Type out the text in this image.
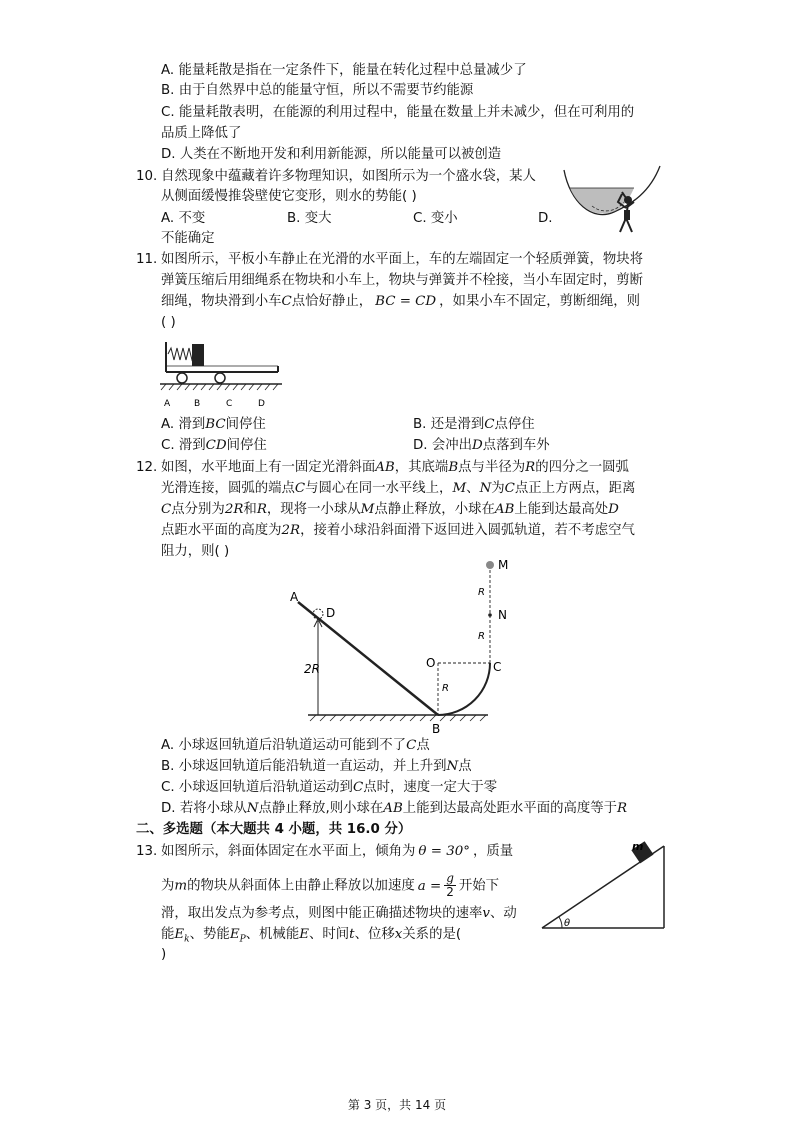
A. 能量耗散是指在一定条件下，能量在转化过程中总量减少了
B. 由于自然界中总的能量守恒，所以不需要节约能源
C. 能量耗散表明，在能源的利用过程中，能量在数量上并未减少，但在可利用的
品质上降低了
D. 人类在不断地开发和利用新能源，所以能量可以被创造
10. 自然现象中蕴藏着许多物理知识，如图所示为一个盛水袋，某人
从侧面缓慢推袋壁使它变形，则水的势能( )
A. 不变	B. 变大	C. 变小	D.
不能确定
11. 如图所示，平板小车静止在光滑的水平面上，车的左端固定一个轻质弹簧，物块将
弹簧压缩后用细绳系在物块和小车上，物块与弹簧并不栓接，当小车固定时，剪断
细绳，物块滑到小车C点恰好静止， BC = CD ，如果小车不固定，剪断细绳，则
( )
A	B	C	D
A. 滑到BC间停住	B. 还是滑到C点停住
C. 滑到CD间停住	D. 会冲出D点落到车外
12. 如图，水平地面上有一固定光滑斜面AB，其底端B点与半径为R的四分之一圆弧
光滑连接，圆弧的端点C与圆心在同一水平线上，M、N为C点正上方两点，距离
C点分别为2R和R，现将一小球从M点静止释放，小球在AB上能到达最高处D
点距水平面的高度为2R，接着小球沿斜面滑下返回进入圆弧轨道，若不考虑空气
阻力，则( )
A
D
2R
M
N
R
R
O	C
R
B
A. 小球返回轨道后沿轨道运动可能到不了C点
B. 小球返回轨道后能沿轨道一直运动，并上升到N点
C. 小球返回轨道后沿轨道运动到C点时，速度一定大于零
D. 若将小球从N点静止释放,则小球在AB上能到达最高处距水平面的高度等于R
二、多选题（本大题共 4 小题，共 16.0 分）
13. 如图所示，斜面体固定在水平面上，倾角为 θ = 30° ，质量
为m的物块从斜面体上由静止释放以加速度 $a = \frac{g}{2}$ 开始下
滑，取出发点为参考点，则图中能正确描述物块的速率v、动
能$E_k$、势能$E_P$、机械能E、时间t、位移x关系的是(
)
m
θ
第 3 页，共 14 页
